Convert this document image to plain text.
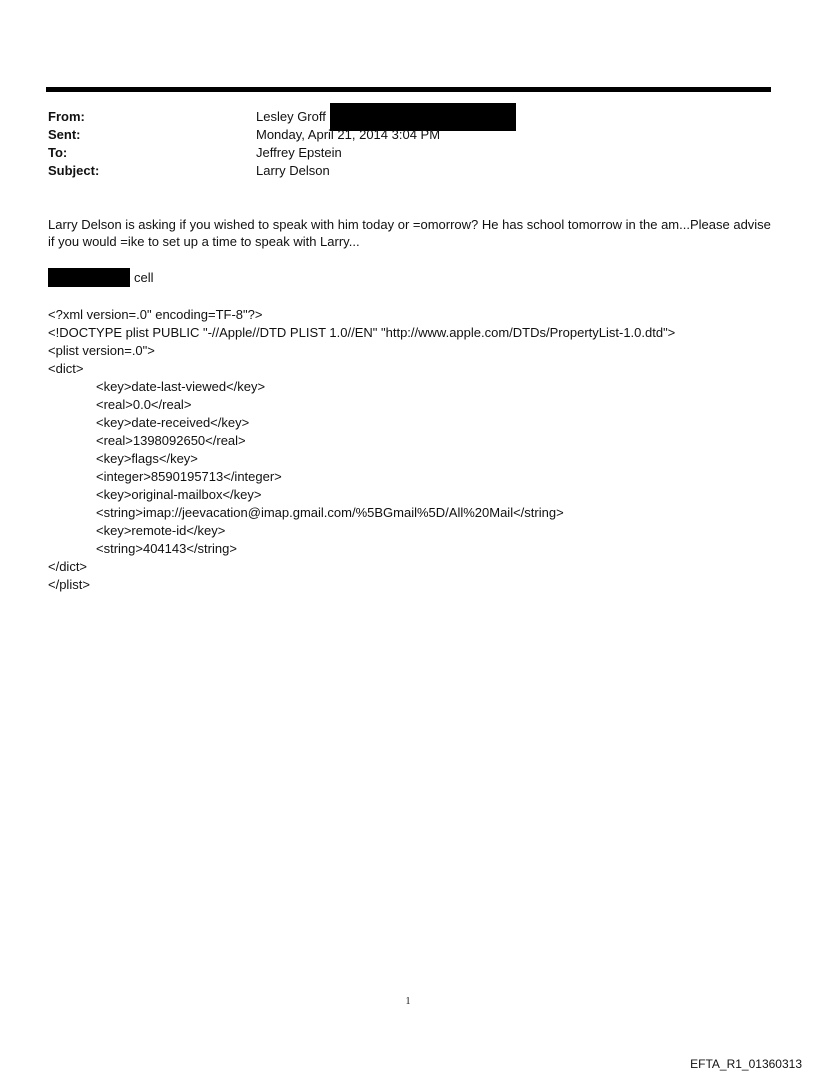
From:	Lesley Groff
Sent:	Monday, April 21, 2014 3:04 PM
To:	Jeffrey Epstein
Subject:	Larry Delson
Larry Delson is asking if you wished to speak with him today or =omorrow? He has school tomorrow in the am...Please advise if you would =ike to set up a time to speak with Larry...
cell
<?xml version=.0" encoding=TF-8"?>
<!DOCTYPE plist PUBLIC "-//Apple//DTD PLIST 1.0//EN" "http://www.apple.com/DTDs/PropertyList-1.0.dtd">
<plist version=.0">
<dict>
<key>date-last-viewed</key>
<real>0.0</real>
<key>date-received</key>
<real>1398092650</real>
<key>flags</key>
<integer>8590195713</integer>
<key>original-mailbox</key>
<string>imap://jeevacation@imap.gmail.com/%5BGmail%5D/All%20Mail</string>
<key>remote-id</key>
<string>404143</string>
</dict>
</plist>
1
EFTA_R1_01360313
